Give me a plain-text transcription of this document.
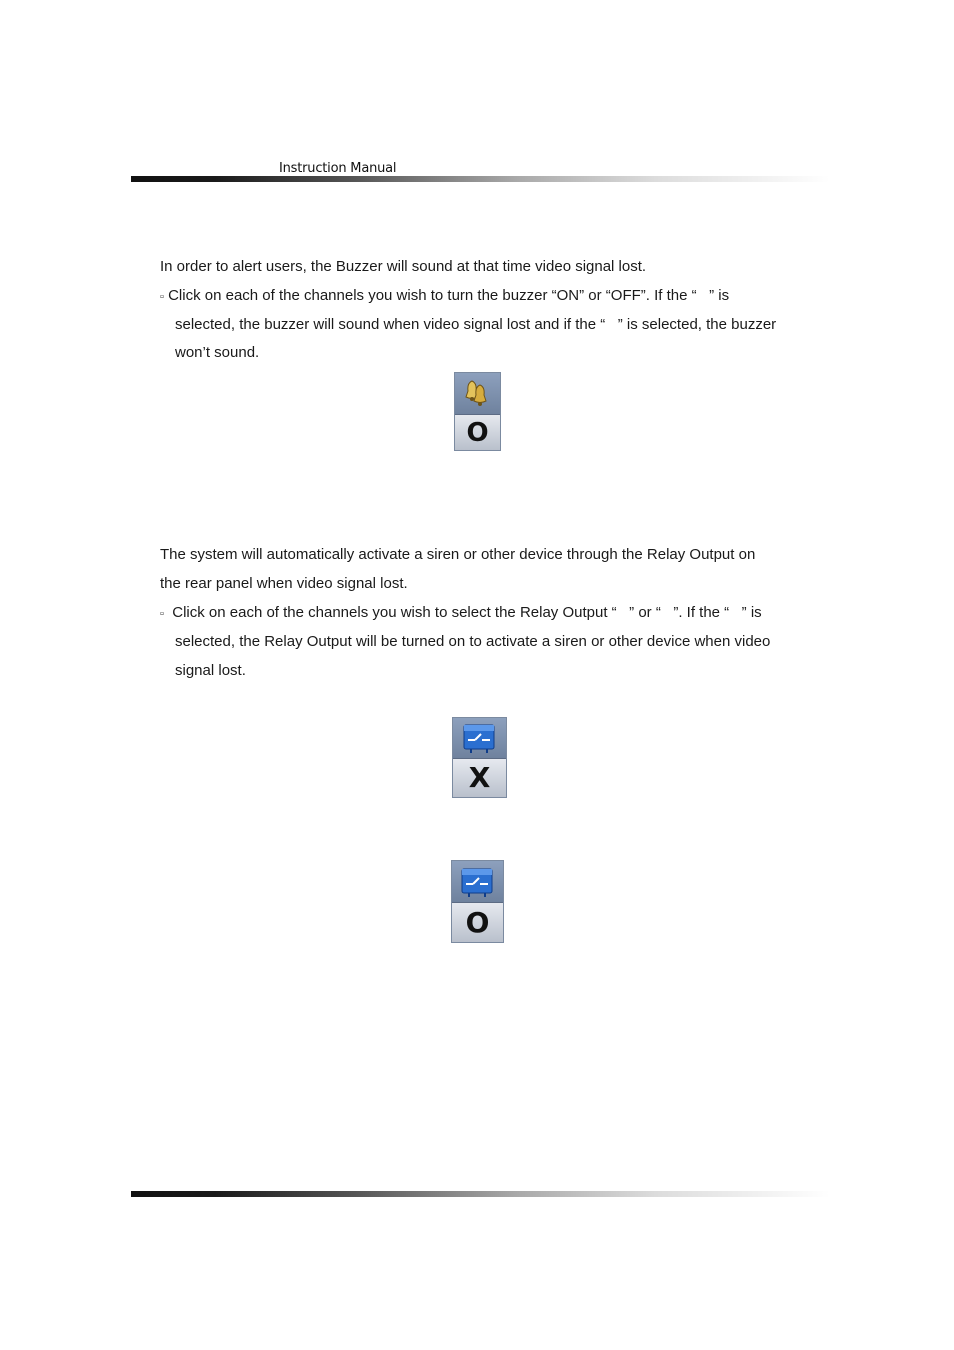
Instruction Manual
In order to alert users, the Buzzer will sound at that time video signal lost.
▫ Click on each of the channels you wish to turn the buzzer “ON” or “OFF”. If the “   ” is
selected, the buzzer will sound when video signal lost and if the “   ” is selected, the buzzer
won’t sound.
O
The system will automatically activate a siren or other device through the Relay Output on
the rear panel when video signal lost.
▫ Click on each of the channels you wish to select the Relay Output “   ” or “   ”. If the “   ” is
selected, the Relay Output will be turned on to activate a siren or other device when video
signal lost.
X
O
